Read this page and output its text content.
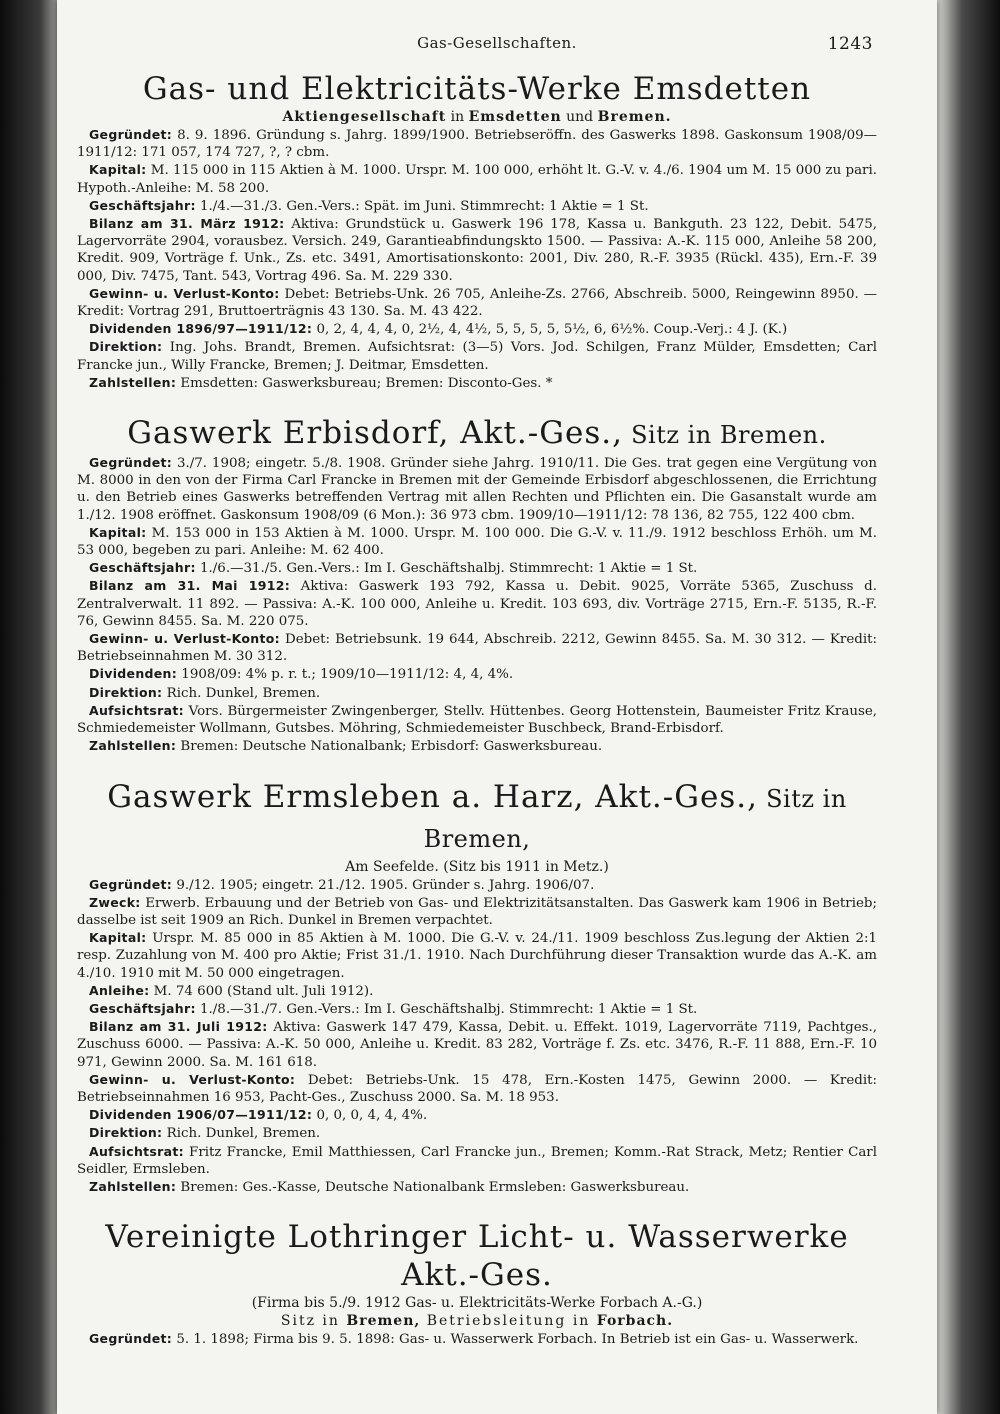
Gas-Gesellschaften.	1243
Gas- und Elektricitäts-Werke Emsdetten
Aktiengesellschaft in Emsdetten und Bremen.

Gegründet: 8. 9. 1896. Gründung s. Jahrg. 1899/1900. Betriebseröffn. des Gaswerks 1898. Gaskonsum 1908/09—1911/12: 171 057, 174 727, ?, ? cbm.

Kapital: M. 115 000 in 115 Aktien à M. 1000. Urspr. M. 100 000, erhöht lt. G.-V. v. 4./6. 1904 um M. 15 000 zu pari. Hypoth.-Anleihe: M. 58 200.

Geschäftsjahr: 1./4.—31./3. Gen.-Vers.: Spät. im Juni. Stimmrecht: 1 Aktie = 1 St.

Bilanz am 31. März 1912: Aktiva: Grundstück u. Gaswerk 196 178, Kassa u. Bankguth. 23 122, Debit. 5475, Lagervorräte 2904, vorausbez. Versich. 249, Garantieabfindungskto 1500. — Passiva: A.-K. 115 000, Anleihe 58 200, Kredit. 909, Vorträge f. Unk., Zs. etc. 3491, Amortisationskonto: 2001, Div. 280, R.-F. 3935 (Rückl. 435), Ern.-F. 39 000, Div. 7475, Tant. 543, Vortrag 496. Sa. M. 229 330.

Gewinn- u. Verlust-Konto: Debet: Betriebs-Unk. 26 705, Anleihe-Zs. 2766, Abschreib. 5000, Reingewinn 8950. — Kredit: Vortrag 291, Bruttoerträgnis 43 130. Sa. M. 43 422.

Dividenden 1896/97—1911/12: 0, 2, 4, 4, 4, 0, 2½, 4, 4½, 5, 5, 5, 5, 5½, 6, 6½%. Coup.-Verj.: 4 J. (K.)

Direktion: Ing. Johs. Brandt, Bremen. Aufsichtsrat: (3—5) Vors. Jod. Schilgen, Franz Mülder, Emsdetten; Carl Francke jun., Willy Francke, Bremen; J. Deitmar, Emsdetten.

Zahlstellen: Emsdetten: Gaswerksbureau; Bremen: Disconto-Ges. *

Gaswerk Erbisdorf, Akt.-Ges., Sitz in Bremen.

Gegründet: 3./7. 1908; eingetr. 5./8. 1908. Gründer siehe Jahrg. 1910/11. Die Ges. trat gegen eine Vergütung von M. 8000 in den von der Firma Carl Francke in Bremen mit der Gemeinde Erbisdorf abgeschlossenen, die Errichtung u. den Betrieb eines Gaswerks betreffenden Vertrag mit allen Rechten und Pflichten ein. Die Gasanstalt wurde am 1./12. 1908 eröffnet. Gaskonsum 1908/09 (6 Mon.): 36 973 cbm. 1909/10—1911/12: 78 136, 82 755, 122 400 cbm.

Kapital: M. 153 000 in 153 Aktien à M. 1000. Urspr. M. 100 000. Die G.-V. v. 11./9. 1912 beschloss Erhöh. um M. 53 000, begeben zu pari. Anleihe: M. 62 400.

Geschäftsjahr: 1./6.—31./5. Gen.-Vers.: Im I. Geschäftshalbj. Stimmrecht: 1 Aktie = 1 St.

Bilanz am 31. Mai 1912: Aktiva: Gaswerk 193 792, Kassa u. Debit. 9025, Vorräte 5365, Zuschuss d. Zentralverwalt. 11 892. — Passiva: A.-K. 100 000, Anleihe u. Kredit. 103 693, div. Vorträge 2715, Ern.-F. 5135, R.-F. 76, Gewinn 8455. Sa. M. 220 075.

Gewinn- u. Verlust-Konto: Debet: Betriebsunk. 19 644, Abschreib. 2212, Gewinn 8455. Sa. M. 30 312. — Kredit: Betriebseinnahmen M. 30 312.

Dividenden: 1908/09: 4% p. r. t.; 1909/10—1911/12: 4, 4, 4%.

Direktion: Rich. Dunkel, Bremen.

Aufsichtsrat: Vors. Bürgermeister Zwingenberger, Stellv. Hüttenbes. Georg Hottenstein, Baumeister Fritz Krause, Schmiedemeister Wollmann, Gutsbes. Möhring, Schmiedemeister Buschbeck, Brand-Erbisdorf.

Zahlstellen: Bremen: Deutsche Nationalbank; Erbisdorf: Gaswerksbureau.

Gaswerk Ermsleben a. Harz, Akt.-Ges., Sitz in Bremen,
Am Seefelde. (Sitz bis 1911 in Metz.)

Gegründet: 9./12. 1905; eingetr. 21./12. 1905. Gründer s. Jahrg. 1906/07.

Zweck: Erwerb. Erbauung und der Betrieb von Gas- und Elektrizitätsanstalten. Das Gaswerk kam 1906 in Betrieb; dasselbe ist seit 1909 an Rich. Dunkel in Bremen verpachtet.

Kapital: Urspr. M. 85 000 in 85 Aktien à M. 1000. Die G.-V. v. 24./11. 1909 beschloss Zus.legung der Aktien 2:1 resp. Zuzahlung von M. 400 pro Aktie; Frist 31./1. 1910. Nach Durchführung dieser Transaktion wurde das A.-K. am 4./10. 1910 mit M. 50 000 eingetragen.

Anleihe: M. 74 600 (Stand ult. Juli 1912).

Geschäftsjahr: 1./8.—31./7. Gen.-Vers.: Im I. Geschäftshalbj. Stimmrecht: 1 Aktie = 1 St.

Bilanz am 31. Juli 1912: Aktiva: Gaswerk 147 479, Kassa, Debit. u. Effekt. 1019, Lagervorräte 7119, Pachtges., Zuschuss 6000. — Passiva: A.-K. 50 000, Anleihe u. Kredit. 83 282, Vorträge f. Zs. etc. 3476, R.-F. 11 888, Ern.-F. 10 971, Gewinn 2000. Sa. M. 161 618.

Gewinn- u. Verlust-Konto: Debet: Betriebs-Unk. 15 478, Ern.-Kosten 1475, Gewinn 2000. — Kredit: Betriebseinnahmen 16 953, Pacht-Ges., Zuschuss 2000. Sa. M. 18 953.

Dividenden 1906/07—1911/12: 0, 0, 0, 4, 4, 4%.

Direktion: Rich. Dunkel, Bremen.

Aufsichtsrat: Fritz Francke, Emil Matthiessen, Carl Francke jun., Bremen; Komm.-Rat Strack, Metz; Rentier Carl Seidler, Ermsleben.

Zahlstellen: Bremen: Ges.-Kasse, Deutsche Nationalbank Ermsleben: Gaswerksbureau.

Vereinigte Lothringer Licht- u. Wasserwerke Akt.-Ges.
(Firma bis 5./9. 1912 Gas- u. Elektricitäts-Werke Forbach A.-G.)
Sitz in Bremen, Betriebsleitung in Forbach.

Gegründet: 5. 1. 1898; Firma bis 9. 5. 1898: Gas- u. Wasserwerk Forbach. In Betrieb ist ein Gas- u. Wasserwerk.
